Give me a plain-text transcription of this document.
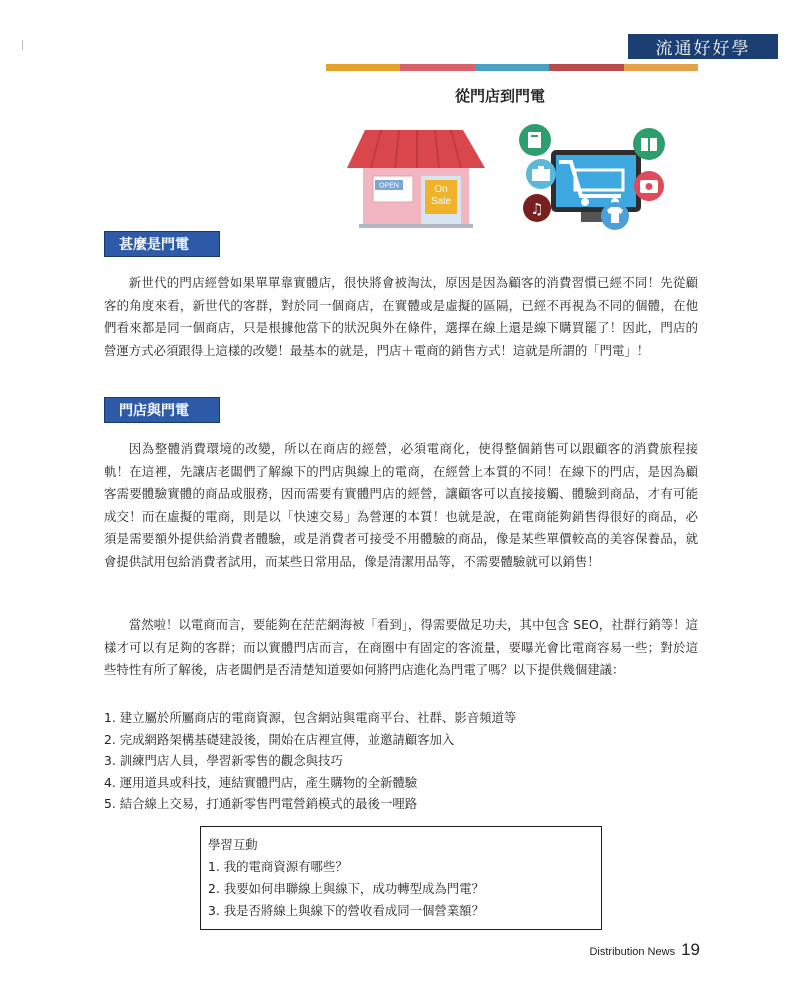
流通好好學
從門店到門電
OPEN	On
Sale	♫
甚麼是門電

新世代的門店經營如果單單靠實體店，很快將會被淘汰，原因是因為顧客的消費習慣已經不同！先從顧客的角度來看，新世代的客群，對於同一個商店，在實體或是虛擬的區隔，已經不再視為不同的個體，在他們看來都是同一個商店，只是根據他當下的狀況與外在條件，選擇在線上還是線下購買罷了！因此，門店的營運方式必須跟得上這樣的改變！最基本的就是，門店＋電商的銷售方式！這就是所謂的「門電」！

門店與門電

因為整體消費環境的改變，所以在商店的經營，必須電商化，使得整個銷售可以跟顧客的消費旅程接軌！在這裡，先讓店老闆們了解線下的門店與線上的電商，在經營上本質的不同！在線下的門店，是因為顧客需要體驗實體的商品或服務，因而需要有實體門店的經營，讓顧客可以直接接觸、體驗到商品，才有可能成交！而在虛擬的電商，則是以「快速交易」為營運的本質！也就是說，在電商能夠銷售得很好的商品，必須是需要額外提供給消費者體驗，或是消費者可接受不用體驗的商品，像是某些單價較高的美容保養品，就會提供試用包給消費者試用，而某些日常用品，像是清潔用品等，不需要體驗就可以銷售！

當然啦！以電商而言，要能夠在茫茫網海被「看到」，得需要做足功夫，其中包含 SEO，社群行銷等！這樣才可以有足夠的客群；而以實體門店而言，在商圈中有固定的客流量，要曝光會比電商容易一些；對於這些特性有所了解後，店老闆們是否清楚知道要如何將門店進化為門電了嗎？以下提供幾個建議：

1. 建立屬於所屬商店的電商資源，包含網站與電商平台、社群、影音頻道等
2. 完成網路架構基礎建設後，開始在店裡宣傳，並邀請顧客加入
3. 訓練門店人員，學習新零售的觀念與技巧
4. 運用道具或科技，連結實體門店，產生購物的全新體驗
5. 結合線上交易，打通新零售門電營銷模式的最後一哩路
學習互動
1. 我的電商資源有哪些？
2. 我要如何串聯線上與線下，成功轉型成為門電？
3. 我是否將線上與線下的營收看成同一個營業額？
Distribution News 19
